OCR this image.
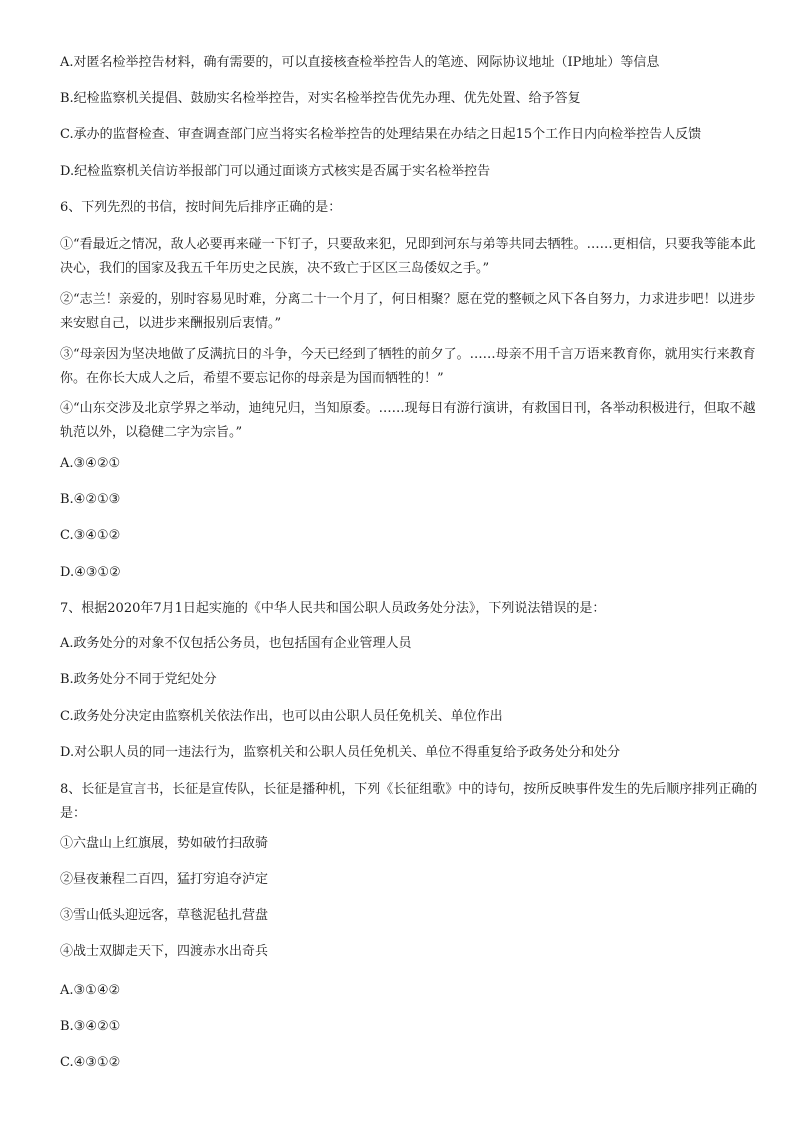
A.对匿名检举控告材料，确有需要的，可以直接核查检举控告人的笔迹、网际协议地址（IP地址）等信息
B.纪检监察机关提倡、鼓励实名检举控告，对实名检举控告优先办理、优先处置、给予答复
C.承办的监督检查、审查调查部门应当将实名检举控告的处理结果在办结之日起15个工作日内向检举控告人反馈
D.纪检监察机关信访举报部门可以通过面谈方式核实是否属于实名检举控告
6、下列先烈的书信，按时间先后排序正确的是：
①“看最近之情况，敌人必要再来碰一下钉子，只要敌来犯，兄即到河东与弟等共同去牺牲。……更相信，只要我等能本此决心，我们的国家及我五千年历史之民族，决不致亡于区区三岛倭奴之手。”
②“志兰！亲爱的，别时容易见时难，分离二十一个月了，何日相聚？愿在党的整顿之风下各自努力，力求进步吧！以进步来安慰自己，以进步来酬报别后衷情。”
③“母亲因为坚决地做了反满抗日的斗争，今天已经到了牺牲的前夕了。……母亲不用千言万语来教育你，就用实行来教育你。在你长大成人之后，希望不要忘记你的母亲是为国而牺牲的！”
④“山东交涉及北京学界之举动，迪纯兄归，当知原委。……现每日有游行演讲，有救国日刊，各举动积极进行，但取不越轨范以外，以稳健二字为宗旨。”
A.③④②①
B.④②①③
C.③④①②
D.④③①②
7、根据2020年7月1日起实施的《中华人民共和国公职人员政务处分法》，下列说法错误的是：
A.政务处分的对象不仅包括公务员，也包括国有企业管理人员
B.政务处分不同于党纪处分
C.政务处分决定由监察机关依法作出，也可以由公职人员任免机关、单位作出
D.对公职人员的同一违法行为，监察机关和公职人员任免机关、单位不得重复给予政务处分和处分
8、长征是宣言书，长征是宣传队，长征是播种机，下列《长征组歌》中的诗句，按所反映事件发生的先后顺序排列正确的是：
①六盘山上红旗展，势如破竹扫敌骑
②昼夜兼程二百四，猛打穷追夺泸定
③雪山低头迎远客，草毯泥毡扎营盘
④战士双脚走天下，四渡赤水出奇兵
A.③①④②
B.③④②①
C.④③①②
